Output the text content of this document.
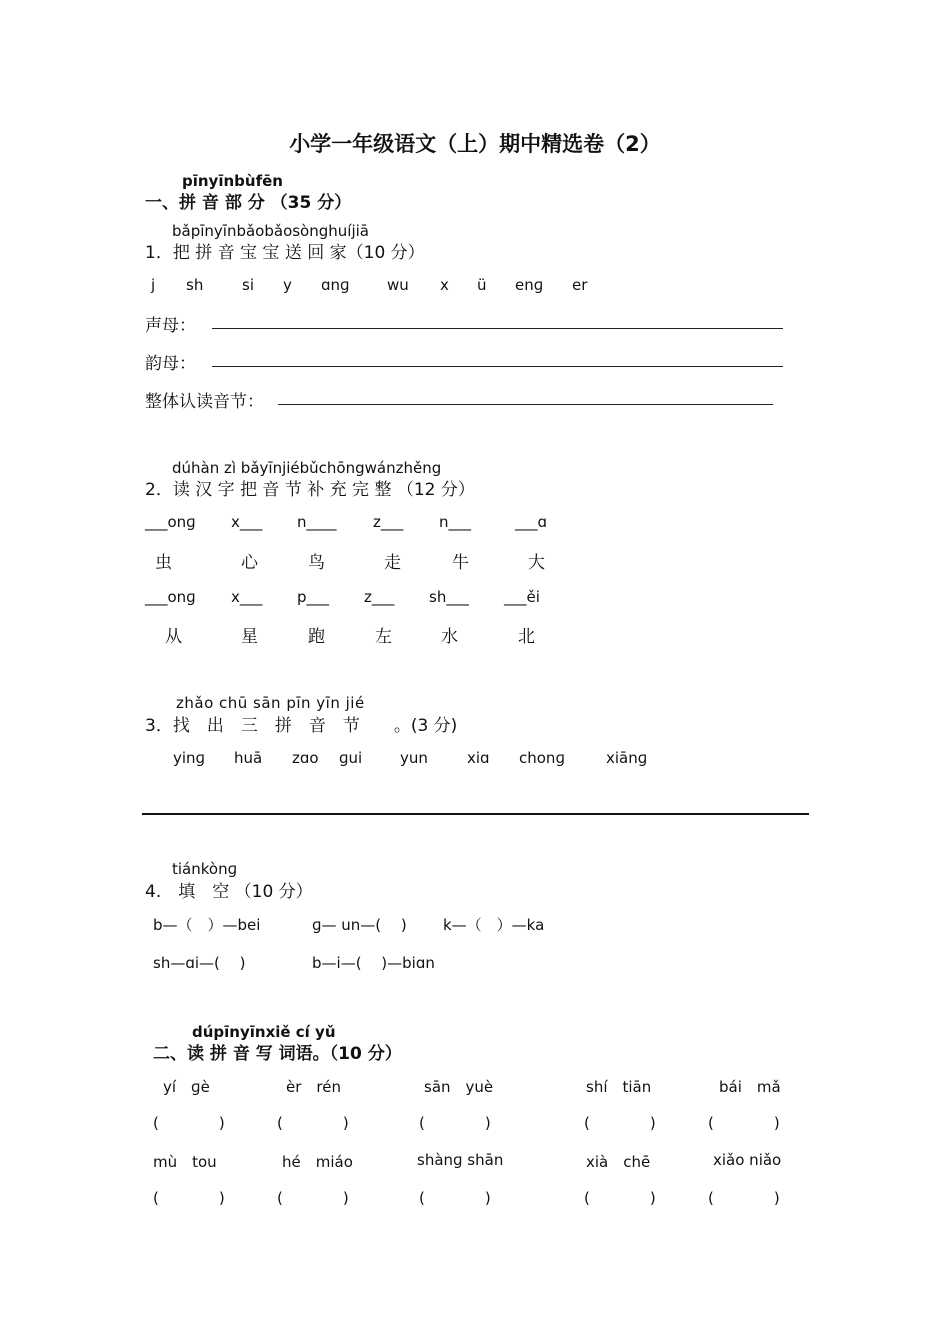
小学一年级语文（上）期中精选卷（2）
pīnyīnbùfēn
一、拼 音 部 分 （35 分）
bǎpīnyīnbǎobǎosònghuíjiā
1．把 拼 音 宝 宝 送 回 家（10 分）
j sh	si y ɑnɡ wu x ü enɡ er
声母：
韵母：
整体认读音节：
dúhàn zì bǎyīnjiébǔchōngwánzhěng
2．读 汉 字 把 音 节 补 充 完 整 （12 分）
___onɡ x___ n____ z___ n___	___ɑ
虫	心	鸟	走	牛	大
___onɡ x___ p___ z___ sh___ ___ěi
从	星	跑	左	水	北
zhǎo chū sān pīn yīn jié
3．找　出　三　拼　音　节　　。(3 分)
yinɡ huā zɑo ɡui	yun	xiɑ chonɡ	xiānɡ
tiánkònɡ
4.　填　空 （10 分）
b—（　）—bei	ɡ— un—(　 ) k—（　）—ka
sh—ɑi—(　 )	b—i—(　 )—biɑn
dúpīnyīnxiě cí yǔ
二、读 拼 音 写 词语。（10 分）
yí　ɡè	èr　rén	sān　yuè	shí　tiān	bái　mǎ
(　　　　)	(　　　　)	(　　　　)	(　　　　)	(　　　　)
mù　tou	hé　miáo	shànɡ shān	xià　chē	xiǎo niǎo
(　　　　)	(　　　　)	(　　　　)	(　　　　)	(　　　　)
